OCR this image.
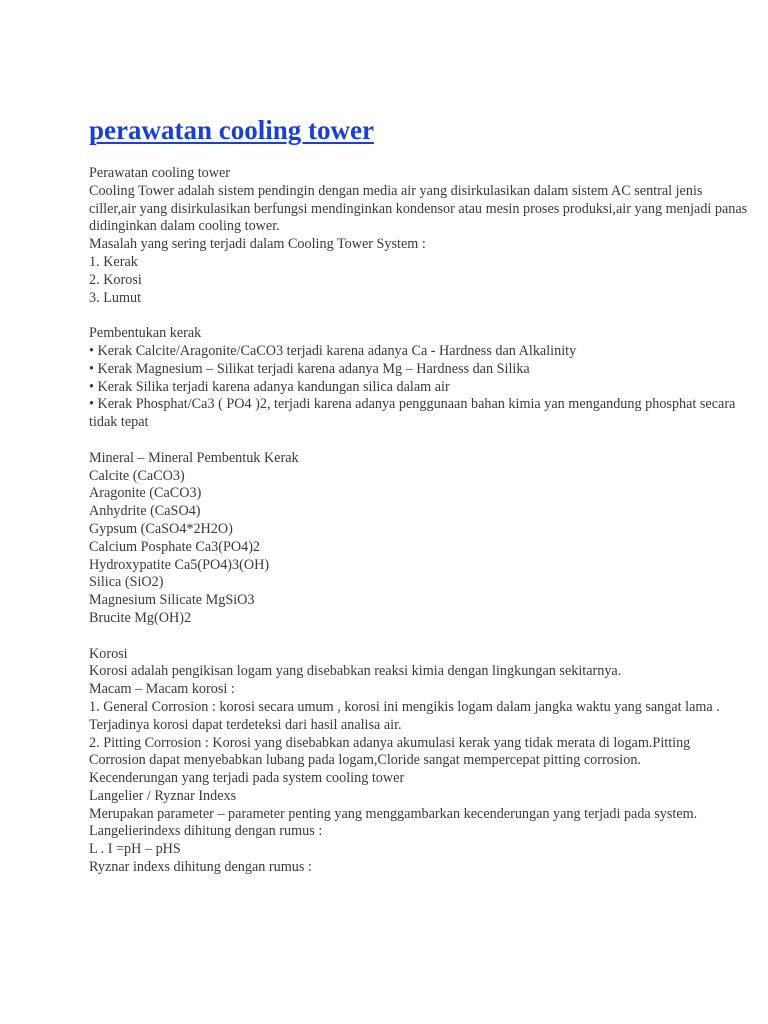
perawatan cooling tower
Perawatan cooling tower
Cooling Tower adalah sistem pendingin dengan media air yang disirkulasikan dalam sistem AC sentral jenis ciller,air yang disirkulasikan berfungsi mendinginkan kondensor atau mesin proses produksi,air yang menjadi panas didinginkan dalam cooling tower.
Masalah yang sering terjadi dalam Cooling Tower System :
1. Kerak
2. Korosi
3. Lumut
Pembentukan kerak
• Kerak Calcite/Aragonite/CaCO3 terjadi karena adanya Ca - Hardness dan Alkalinity
• Kerak Magnesium – Silikat terjadi karena adanya Mg – Hardness dan Silika
• Kerak Silika terjadi karena adanya kandungan silica dalam air
• Kerak Phosphat/Ca3 ( PO4 )2, terjadi karena adanya penggunaan bahan kimia yan mengandung phosphat secara tidak tepat
Mineral – Mineral Pembentuk Kerak
Calcite (CaCO3)
Aragonite (CaCO3)
Anhydrite (CaSO4)
Gypsum (CaSO4*2H2O)
Calcium Posphate Ca3(PO4)2
Hydroxypatite Ca5(PO4)3(OH)
Silica (SiO2)
Magnesium Silicate MgSiO3
Brucite Mg(OH)2
Korosi
Korosi adalah pengikisan logam yang disebabkan reaksi kimia dengan lingkungan sekitarnya.
Macam – Macam korosi :
1. General Corrosion : korosi secara umum , korosi ini mengikis logam dalam jangka waktu yang sangat lama . Terjadinya korosi dapat terdeteksi dari hasil analisa air.
2. Pitting Corrosion : Korosi yang disebabkan adanya akumulasi kerak yang tidak merata di logam.Pitting Corrosion dapat menyebabkan lubang pada logam,Cloride sangat mempercepat pitting corrosion.
Kecenderungan yang terjadi pada system cooling tower
Langelier / Ryznar Indexs
Merupakan parameter – parameter penting yang menggambarkan kecenderungan yang terjadi pada system.
Langelierindexs dihitung dengan rumus :
L . I =pH – pHS
Ryznar indexs dihitung dengan rumus :
